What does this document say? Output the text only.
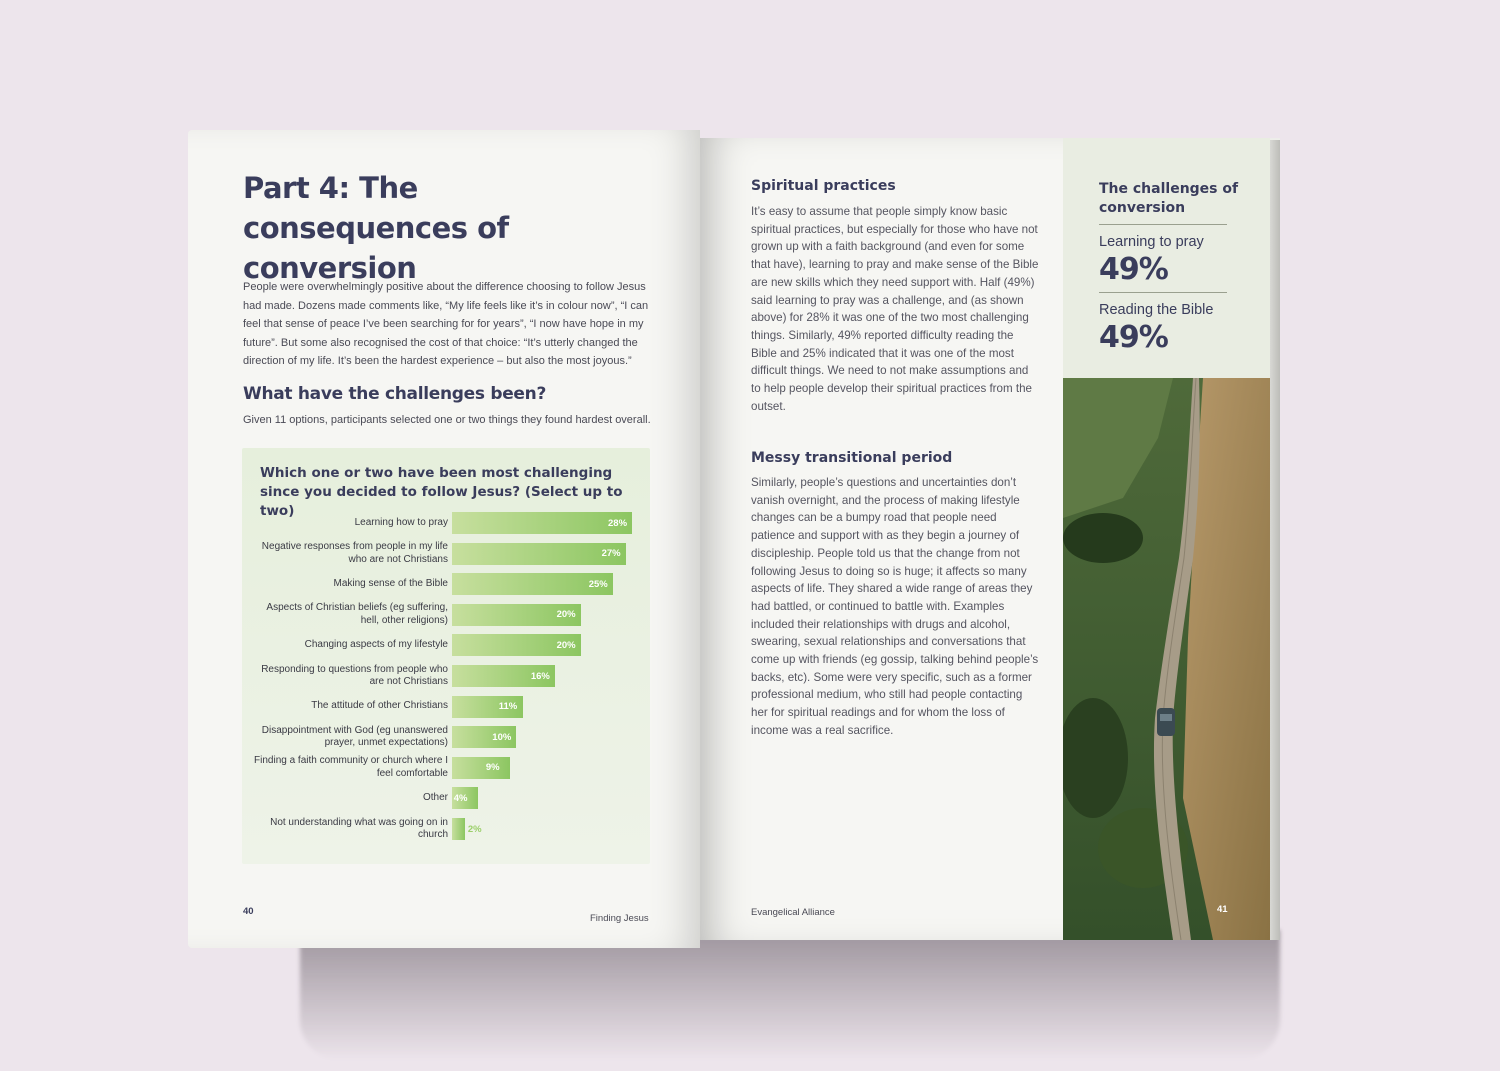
Part 4: The consequences of conversion

People were overwhelmingly positive about the difference choosing to follow Jesus had made. Dozens made comments like, “My life feels like it’s in colour now”, “I can feel that sense of peace I’ve been searching for for years”, “I now have hope in my future”. But some also recognised the cost of that choice: “It’s utterly changed the direction of my life. It’s been the hardest experience – but also the most joyous.”

What have the challenges been?

Given 11 options, participants selected one or two things they found hardest overall.

Which one or two have been most challenging since you decided to follow Jesus? (Select up to two)

Learning how to pray	28%
Negative responses from people in my life who are not Christians	27%
Making sense of the Bible	25%
Aspects of Christian beliefs (eg suffering, hell, other religions)	20%
Changing aspects of my lifestyle	20%
Responding to questions from people who are not Christians	16%
The attitude of other Christians	11%
Disappointment with God (eg unanswered prayer, unmet expectations)	10%
Finding a faith community or church where I feel comfortable	9%
Other 4%
Not understanding what was going on in church 2%
40
Finding Jesus
Spiritual practices

It’s easy to assume that people simply know basic spiritual practices, but especially for those who have not grown up with a faith background (and even for some that have), learning to pray and make sense of the Bible are new skills which they need support with. Half (49%) said learning to pray was a challenge, and (as shown above) for 28% it was one of the two most challenging things. Similarly, 49% reported difficulty reading the Bible and 25% indicated that it was one of the most difficult things. We need to not make assumptions and to help people develop their spiritual practices from the outset.

Messy transitional period

Similarly, people’s questions and uncertainties don’t vanish overnight, and the process of making lifestyle changes can be a bumpy road that people need patience and support with as they begin a journey of discipleship. People told us that the change from not following Jesus to doing so is huge; it affects so many aspects of life. They shared a wide range of areas they had battled, or continued to battle with. Examples included their relationships with drugs and alcohol, swearing, sexual relationships and conversations that come up with friends (eg gossip, talking behind people’s backs, etc). Some were very specific, such as a former professional medium, who still had people contacting her for spiritual readings and for whom the loss of income was a real sacrifice.

Evangelical Alliance

The challenges of conversion

Learning to pray

49%

Reading the Bible

49%

41
